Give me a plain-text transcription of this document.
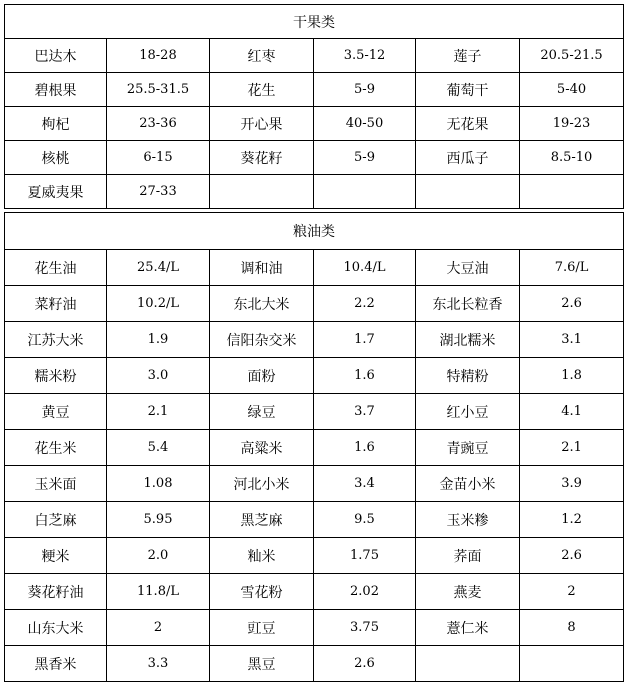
干果类					
巴达木	18-28	红枣	3.5-12	莲子	20.5-21.5
碧根果	25.5-31.5	花生	5-9	葡萄干	5-40
枸杞	23-36	开心果	40-50	无花果	19-23
核桃	6-15	葵花籽	5-9	西瓜子	8.5-10
夏威夷果	27-33				

粮油类					
花生油	25.4/L	调和油	10.4/L	大豆油	7.6/L
菜籽油	10.2/L	东北大米	2.2	东北长粒香	2.6
江苏大米	1.9	信阳杂交米	1.7	湖北糯米	3.1
糯米粉	3.0	面粉	1.6	特精粉	1.8
黄豆	2.1	绿豆	3.7	红小豆	4.1
花生米	5.4	高粱米	1.6	青豌豆	2.1
玉米面	1.08	河北小米	3.4	金苗小米	3.9
白芝麻	5.95	黑芝麻	9.5	玉米糁	1.2
粳米	2.0	籼米	1.75	荞面	2.6
葵花籽油	11.8/L	雪花粉	2.02	燕麦	2
山东大米	2	豇豆	3.75	薏仁米	8
黑香米	3.3	黑豆	2.6		
